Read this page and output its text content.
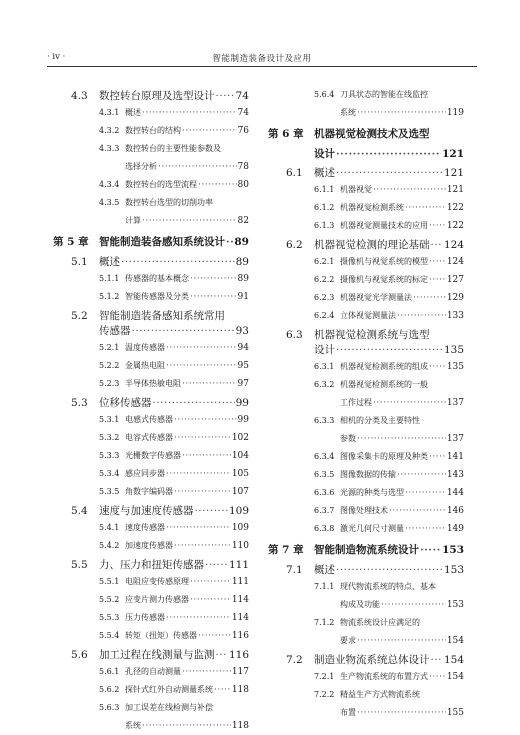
· iv ·	智能制造装备设计及应用
4.3	数控转台原理及选型设计 ····· 74
4.3.1 概述 ·····	74
4.3.2 数控转台的结构 ·····	76
4.3.3 数控转台的主要性能参数及
选择分析 ·····	78
4.3.4 数控转台的选型流程 ·····	80
4.3.5 数控转台选型的切削功率
计算 ·····	82
第 5 章 智能制造装备感知系统设计 ····· 89
5.1	概述 ·····	89
5.1.1 传感器的基本概念 ·····	89
5.1.2 智能传感器及分类 ·····	91
5.2	智能制造装备感知系统常用
传感器 ·····	93
5.2.1 温度传感器 ·····	94
5.2.2 金属热电阻 ·····	95
5.2.3 半导体热敏电阻 ·····	97
5.3	位移传感器 ·····	99
5.3.1 电感式传感器 ·····	99
5.3.2 电容式传感器 ·····	102
5.3.3 光栅数字传感器 ·····	104
5.3.4 感应同步器 ·····	105
5.3.5 角数字编码器 ·····	107
5.4	速度与加速度传感器 ·····	109
5.4.1 速度传感器 ·····	109
5.4.2 加速度传感器 ·····	110
5.5	力、压力和扭矩传感器 ····· 111
5.5.1 电阻应变传感原理 ·····	111
5.5.2 应变片测力传感器 ·····	114
5.5.3 压力传感器 ·····	114
5.5.4 转矩（扭矩）传感器 ·····	116
5.6	加工过程在线测量与监测 ····· 116
5.6.1 孔径的自动测量 ·····	117
5.6.2 探针式红外自动测量系统 ····· 118
5.6.3 加工误差在线检测与补偿
系统 ·····	118
5.6.4 刀具状态的智能在线监控
系统 ·····	119
第 6 章 机器视觉检测技术及选型
设计 ·····	121
6.1	概述 ·····	121
6.1.1 机器视觉 ·····	121
6.1.2 机器视觉检测系统 ·····	122
6.1.3 机器视觉测量技术的应用 ····· 122
6.2	机器视觉检测的理论基础 ····· 124
6.2.1 摄像机与视觉系统的模型 ····· 124
6.2.2 摄像机与视觉系统的标定 ····· 127
6.2.3 机器视觉光学测量法 ·····	129
6.2.4 立体视觉测量法 ·····	133
6.3	机器视觉检测系统与选型
设计 ·····	135
6.3.1 机器视觉检测系统的组成 ····· 135
6.3.2 机器视觉检测系统的一般
工作过程 ·····	137
6.3.3 相机的分类及主要特性
参数 ·····	137
6.3.4 图像采集卡的原理及种类 ····· 141
6.3.5 图像数据的传输 ·····	143
6.3.6 光源的种类与选型 ·····	144
6.3.7 图像处理技术 ·····	146
6.3.8 激光几何尺寸测量 ·····	149
第 7 章 智能制造物流系统设计 ····· 153
7.1	概述 ·····	153
7.1.1 现代物流系统的特点、基本
构成及功能 ·····	153
7.1.2 物流系统设计应满足的
要求 ·····	154
7.2	制造业物流系统总体设计 ····· 154
7.2.1 生产物流系统的布置方式 ····· 154
7.2.2 精益生产方式物流系统
布置 ·····	155
